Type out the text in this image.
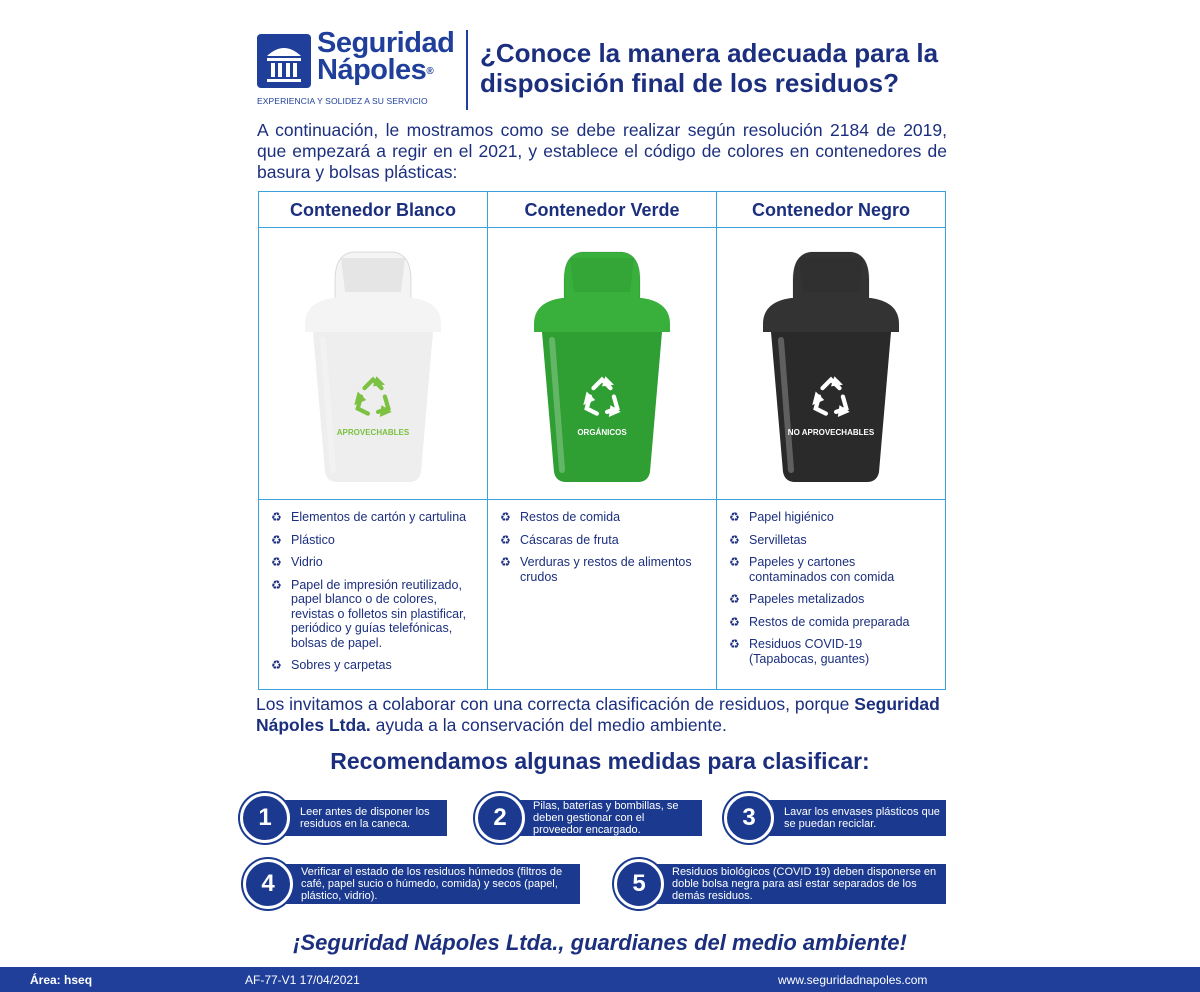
Seguridad
Nápoles®
EXPERIENCIA Y SOLIDEZ A SU SERVICIO
¿Conoce la manera adecuada para la disposición final de los residuos?

A continuación, le mostramos como se debe realizar según resolución 2184 de 2019, que empezará a regir en el 2021, y establece el código de colores en contenedores de basura y bolsas plásticas:

Contenedor Blanco
APROVECHABLES
♻ Elementos de cartón y cartulina
♻ Plástico
♻ Vidrio
♻ Papel de impresión reutilizado, papel blanco o de colores, revistas o folletos sin plastificar, periódico y guías telefónicas, bolsas de papel.
♻ Sobres y carpetas
Contenedor Verde
ORGÁNICOS
♻ Restos de comida
♻ Cáscaras de fruta
♻ Verduras y restos de alimentos crudos
Contenedor Negro
NO APROVECHABLES
♻ Papel higiénico
♻ Servilletas
♻ Papeles y cartones contaminados con comida
♻ Papeles metalizados
♻ Restos de comida preparada
♻ Residuos COVID-19 (Tapabocas, guantes)

Los invitamos a colaborar con una correcta clasificación de residuos, porque Seguridad Nápoles Ltda. ayuda a la conservación del medio ambiente.

Recomendamos algunas medidas para clasificar:
1	Leer antes de disponer los residuos en la caneca.	2	Pilas, baterías y bombillas, se deben gestionar con el proveedor encargado.	3	Lavar los envases plásticos que se puedan reciclar.
4	Verificar el estado de los residuos húmedos (filtros de café, papel sucio o húmedo, comida) y secos (papel, plástico, vidrio).	5	Residuos biológicos (COVID 19) deben disponerse en doble bolsa negra para así estar separados de los demás residuos.
¡Seguridad Nápoles Ltda., guardianes del medio ambiente!
Área: hseq	AF-77-V1 17/04/2021	www.seguridadnapoles.com
